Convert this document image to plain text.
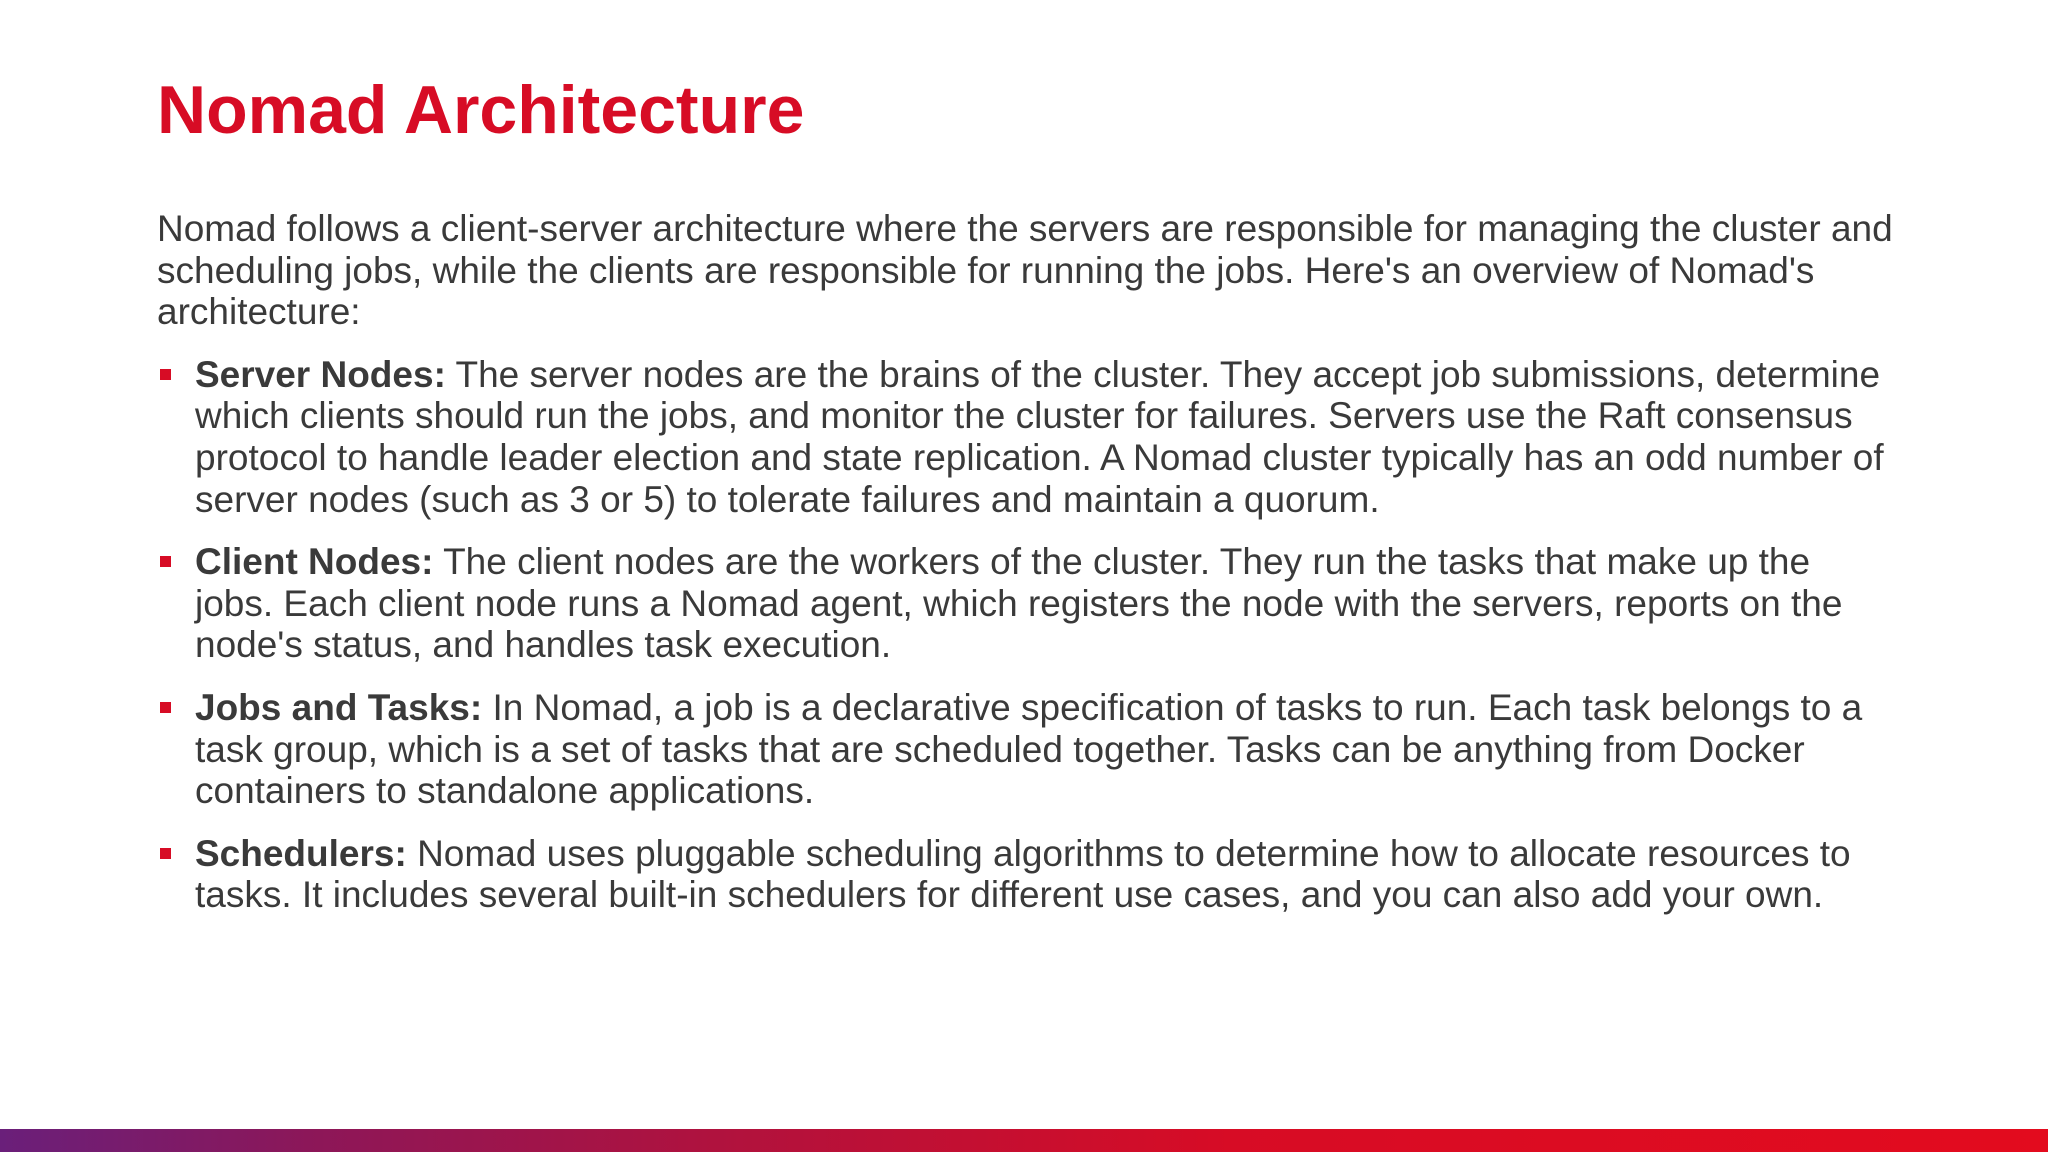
Nomad Architecture

Nomad follows a client-server architecture where the servers are responsible for managing the cluster and scheduling jobs, while the clients are responsible for running the jobs. Here's an overview of Nomad's architecture:

Server Nodes: The server nodes are the brains of the cluster. They accept job submissions, determine which clients should run the jobs, and monitor the cluster for failures. Servers use the Raft consensus protocol to handle leader election and state replication. A Nomad cluster typically has an odd number of server nodes (such as 3 or 5) to tolerate failures and maintain a quorum.
Client Nodes: The client nodes are the workers of the cluster. They run the tasks that make up the jobs. Each client node runs a Nomad agent, which registers the node with the servers, reports on the node's status, and handles task execution.
Jobs and Tasks: In Nomad, a job is a declarative specification of tasks to run. Each task belongs to a task group, which is a set of tasks that are scheduled together. Tasks can be anything from Docker containers to standalone applications.
Schedulers: Nomad uses pluggable scheduling algorithms to determine how to allocate resources to tasks. It includes several built-in schedulers for different use cases, and you can also add your own.
